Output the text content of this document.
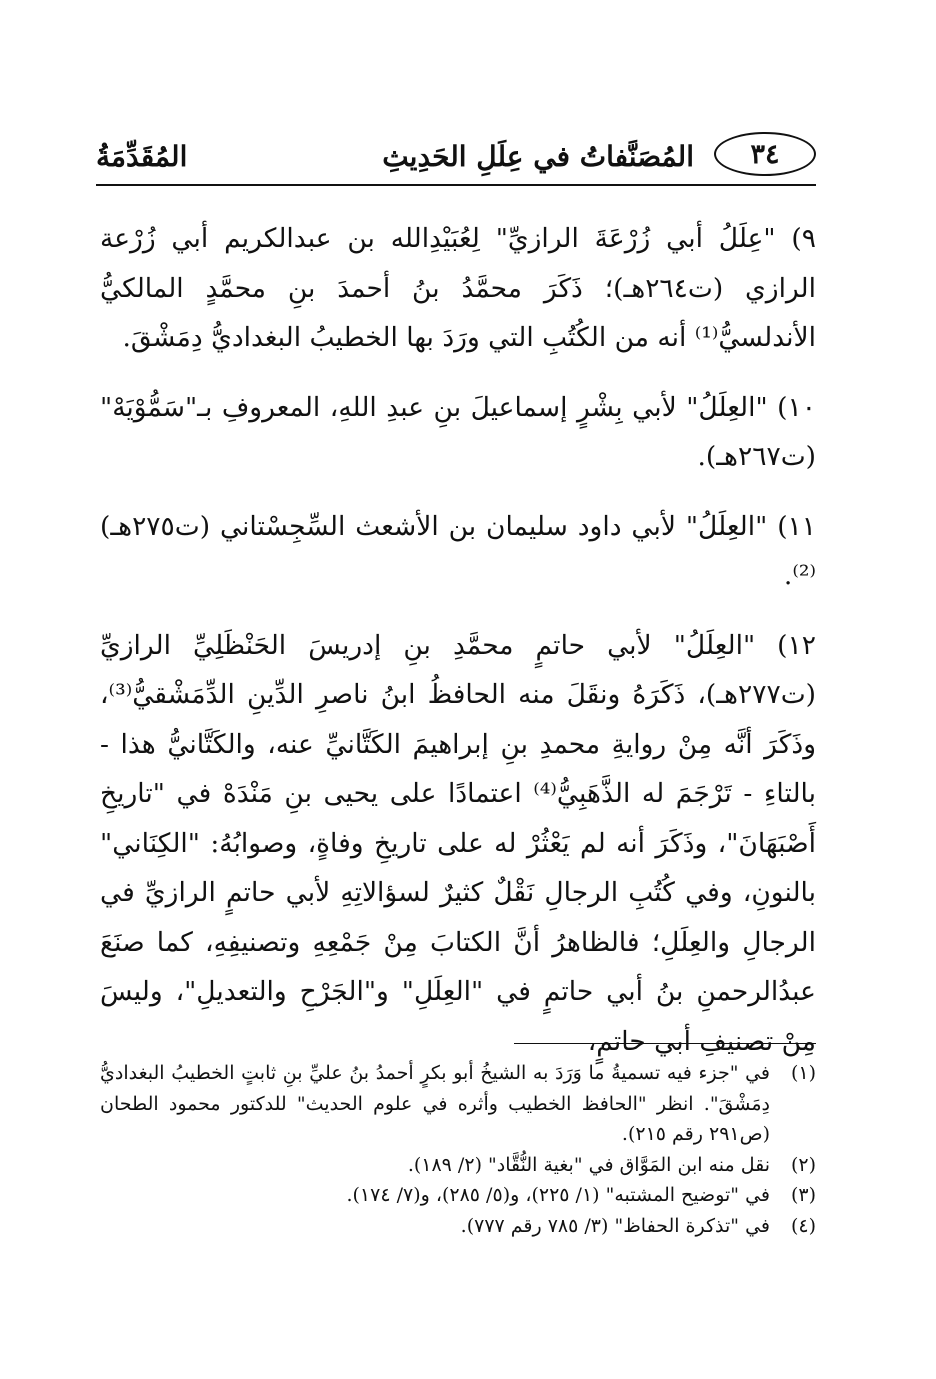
المُقَدِّمَةُ	المُصَنَّفاتُ في عِلَلِ الحَدِيثِ	٣٤

٩) "عِلَلُ أبي زُرْعَةَ الرازيِّ" لِعُبَيْدِالله بن عبدالكريم أبي زُرْعة الرازي (ت٢٦٤هـ)؛ ذَكَرَ محمَّدُ بنُ أحمدَ بنِ محمَّدٍ المالكيُّ الأندلسيُّ⁽¹⁾ أنه من الكُتُبِ التي ورَدَ بها الخطيبُ البغداديُّ دِمَشْقَ.

١٠) "العِلَلُ" لأبي بِشْرٍ إسماعيلَ بنِ عبدِ اللهِ، المعروفِ بـ"سَمُّوْيَهْ" (ت٢٦٧هـ).

١١) "العِلَلُ" لأبي داود سليمان بن الأشعث السِّجِسْتاني (ت٢٧٥هـ)⁽²⁾.

١٢) "العِلَلُ" لأبي حاتمٍ محمَّدِ بنِ إدريسَ الحَنْظَلِيِّ الرازيِّ (ت٢٧٧هـ)، ذَكَرَهُ ونقَلَ منه الحافظُ ابنُ ناصرِ الدِّينِ الدِّمَشْقيُّ⁽³⁾، وذَكَرَ أنَّه مِنْ روايةِ محمدِ بنِ إبراهيمَ الكَتَّانيِّ عنه، والكَتَّانيُّ هذا - بالتاءِ - تَرْجَمَ له الذَّهَبِيُّ⁽⁴⁾ اعتمادًا على يحيى بنِ مَنْدَهْ في "تاريخِ أَصْبَهَانَ"، وذَكَرَ أنه لم يَعْثُرْ له على تاريخِ وفاةٍ، وصوابُهُ: "الكِنَاني" بالنونِ، وفي كُتُبِ الرجالِ نَقْلٌ كثيرٌ لسؤالاتِهِ لأبي حاتمٍ الرازيِّ في الرجالِ والعِلَلِ؛ فالظاهرُ أنَّ الكتابَ مِنْ جَمْعِهِ وتصنيفِهِ، كما صنَعَ عبدُالرحمنِ بنُ أبي حاتمٍ في "العِلَلِ" و"الجَرْحِ والتعديلِ"، وليسَ مِنْ تصنيفِ أبي حاتمٍ،

(١)
في "جزء فيه تسميةُ ما وَرَدَ به الشيخُ أبو بكرٍ أحمدُ بنُ عليِّ بنِ ثابتٍ الخطيبُ البغداديُّ دِمَشْقَ". انظر "الحافظ الخطيب وأثره في علوم الحديث" للدكتور محمود الطحان (ص٢٩١ رقم ٢١٥).
(٢)
نقل منه ابن المَوَّاق في "بغية النُّقَّاد" (٢/ ١٨٩).
(٣)
في "توضيح المشتبه" (١/ ٢٢٥)، و(٥/ ٢٨٥)، و(٧/ ١٧٤).
(٤)
في "تذكرة الحفاظ" (٣/ ٧٨٥ رقم ٧٧٧).
